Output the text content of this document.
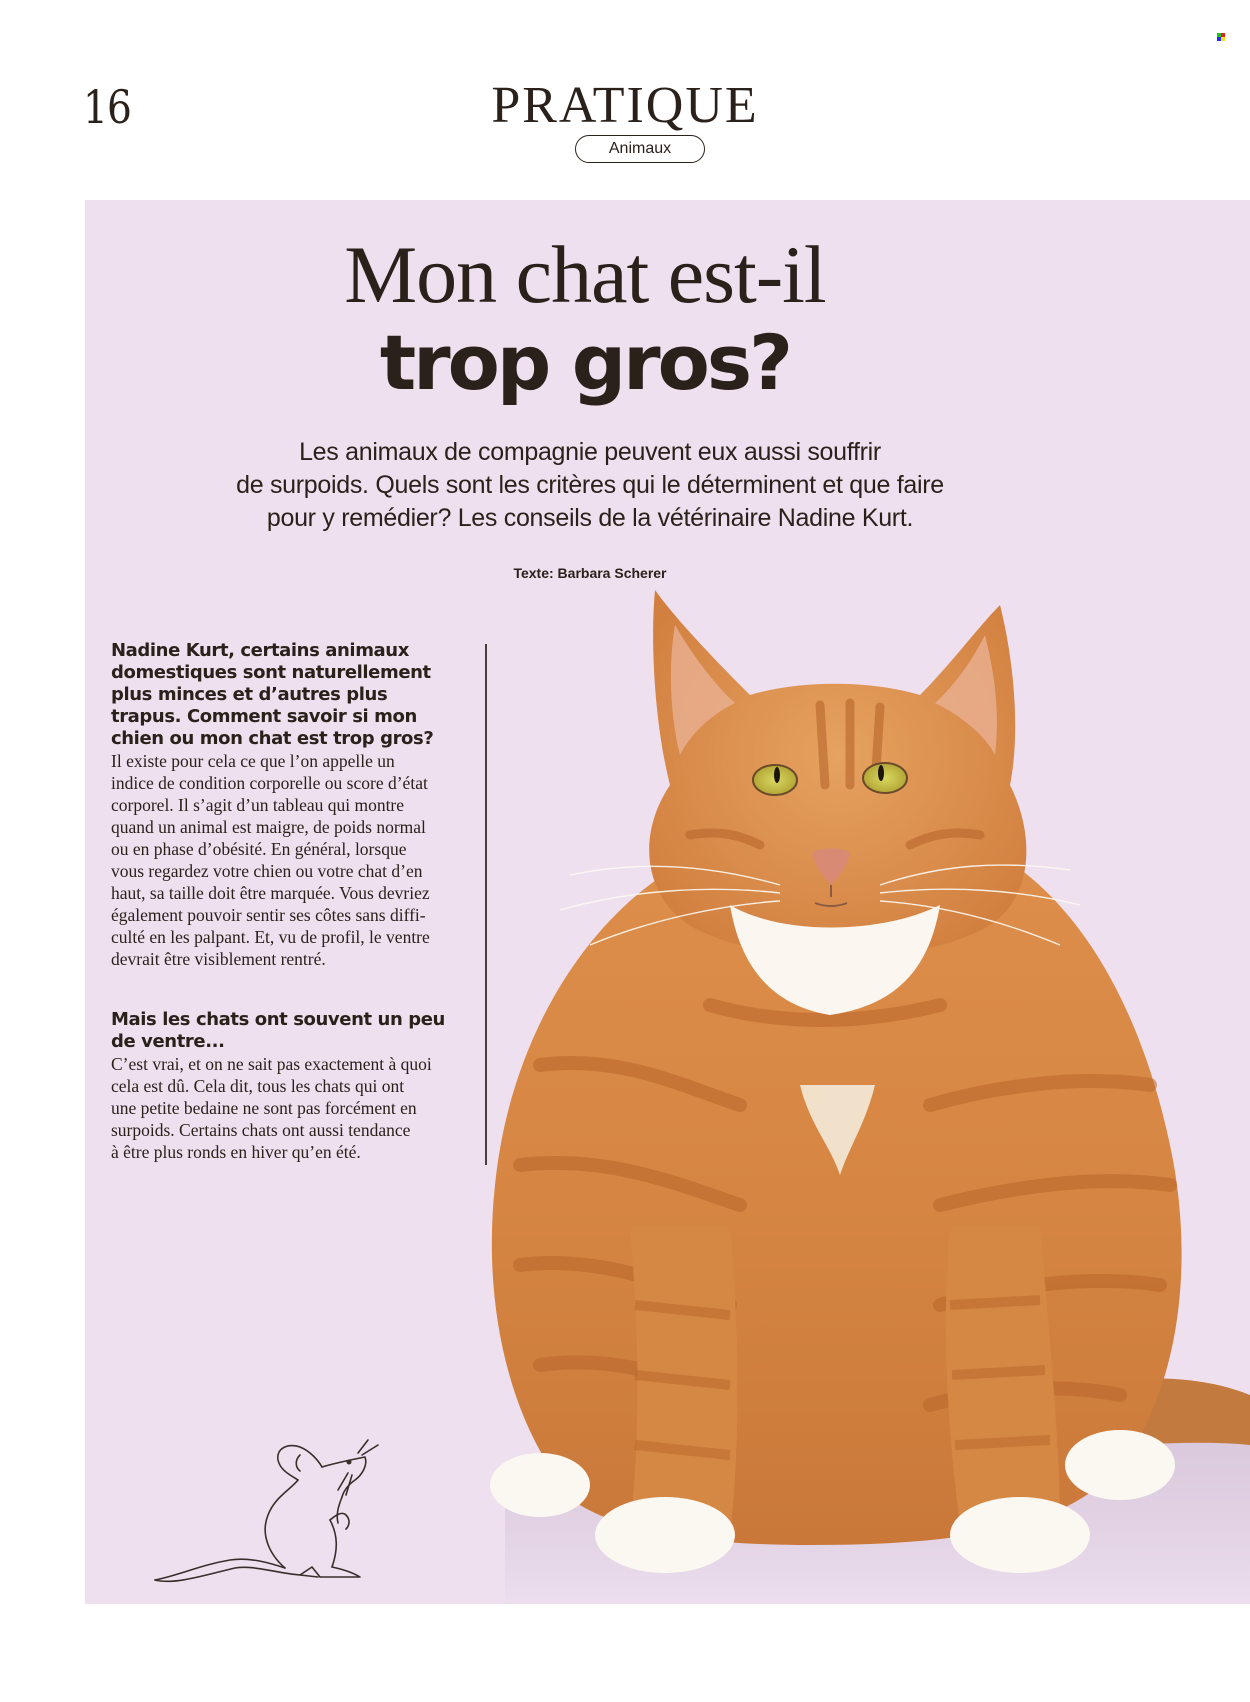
16	PRATIQUE
Animaux
Mon chat est-il
trop gros?
Les animaux de compagnie peuvent eux aussi souffrir
de surpoids. Quels sont les critères qui le déterminent et que faire
pour y remédier? Les conseils de la vétérinaire Nadine Kurt.
Texte: Barbara Scherer
Nadine Kurt, certains animaux
domestiques sont naturellement
plus minces et d’autres plus
trapus. Comment savoir si mon
chien ou mon chat est trop gros?
Il existe pour cela ce que l’on appelle un
indice de condition corporelle ou score d’état
corporel. Il s’agit d’un tableau qui montre
quand un animal est maigre, de poids normal
ou en phase d’obésité. En général, lorsque
vous regardez votre chien ou votre chat d’en
haut, sa taille doit être marquée. Vous devriez
également pouvoir sentir ses côtes sans diffi-
culté en les palpant. Et, vu de profil, le ventre
devrait être visiblement rentré.
Mais les chats ont souvent un peu
de ventre...
C’est vrai, et on ne sait pas exactement à quoi
cela est dû. Cela dit, tous les chats qui ont
une petite bedaine ne sont pas forcément en
surpoids. Certains chats ont aussi tendance
à être plus ronds en hiver qu’en été.
